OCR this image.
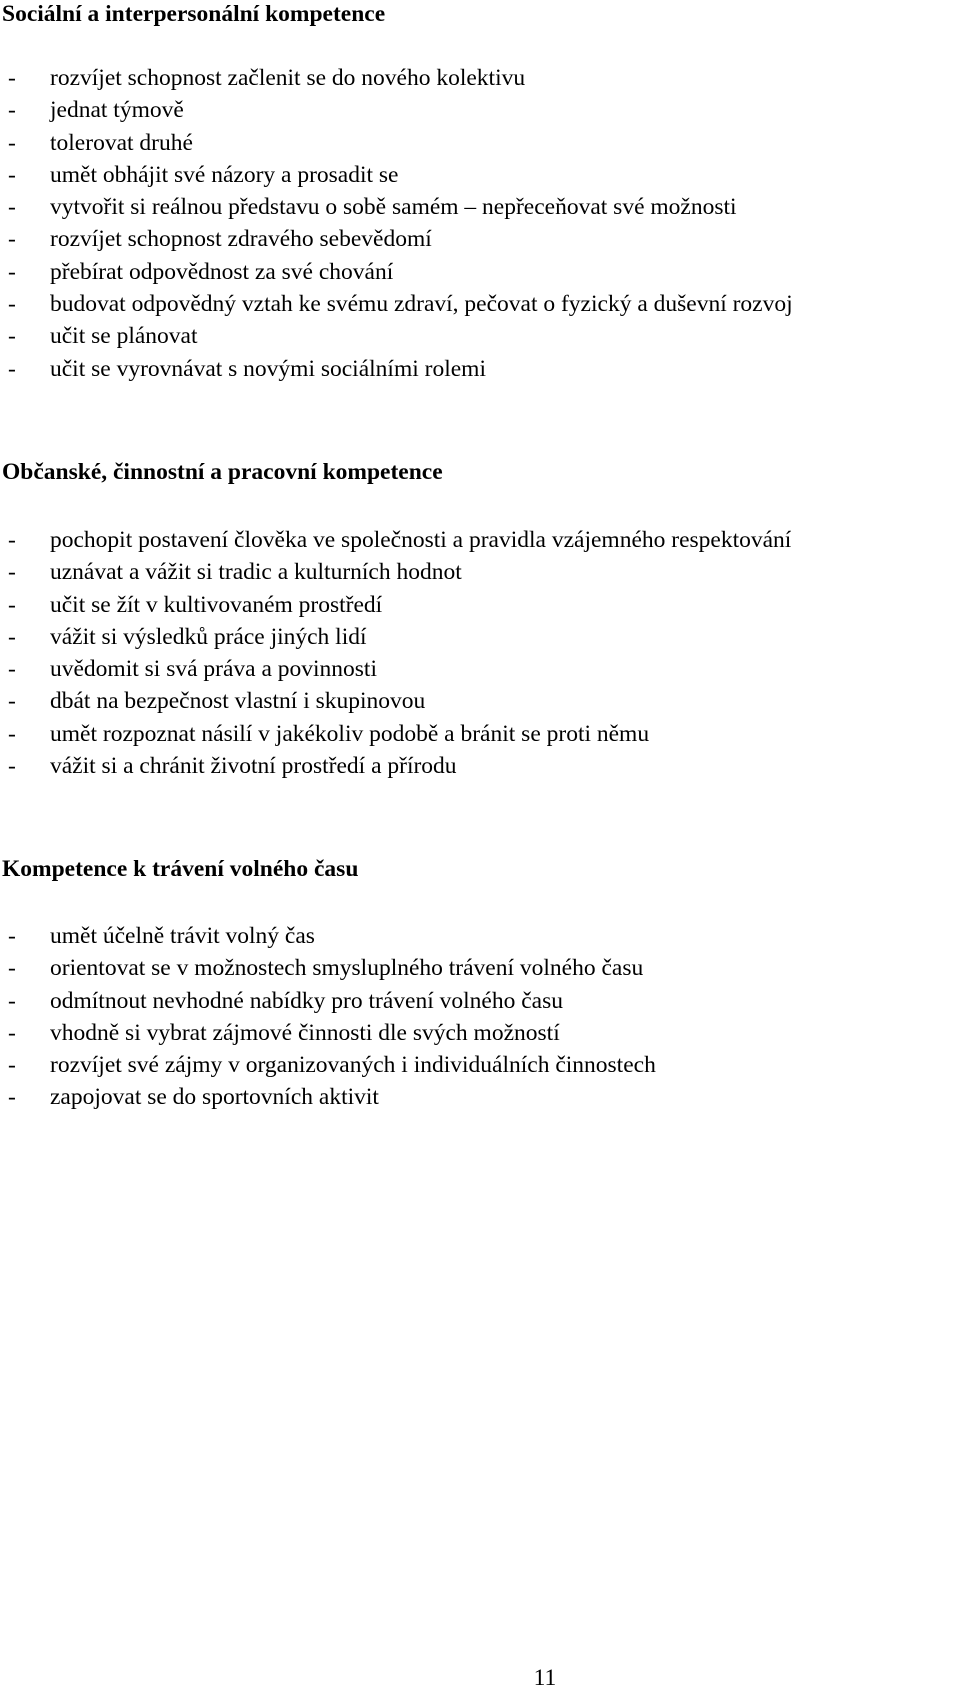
Sociální a interpersonální kompetence
- rozvíjet schopnost začlenit se do nového kolektivu
- jednat týmově
- tolerovat druhé
- umět obhájit své názory a prosadit se
- vytvořit si reálnou představu o sobě samém – nepřeceňovat své možnosti
- rozvíjet schopnost zdravého sebevědomí
- přebírat odpovědnost za své chování
- budovat odpovědný vztah ke svému zdraví, pečovat o fyzický a duševní rozvoj
- učit se plánovat
- učit se vyrovnávat s novými sociálními rolemi
Občanské, činnostní a pracovní kompetence
- pochopit postavení člověka ve společnosti a pravidla vzájemného respektování
- uznávat a vážit si tradic a kulturních hodnot
- učit se žít v kultivovaném prostředí
- vážit si výsledků práce jiných lidí
- uvědomit si svá práva a povinnosti
- dbát na bezpečnost vlastní i skupinovou
- umět rozpoznat násilí v jakékoliv podobě a bránit se proti němu
- vážit si a chránit životní prostředí a přírodu
Kompetence k trávení volného času
- umět účelně trávit volný čas
- orientovat se v možnostech smysluplného trávení volného času
- odmítnout nevhodné nabídky pro trávení volného času
- vhodně si vybrat zájmové činnosti dle svých možností
- rozvíjet své zájmy v organizovaných i individuálních činnostech
- zapojovat se do sportovních aktivit
11
